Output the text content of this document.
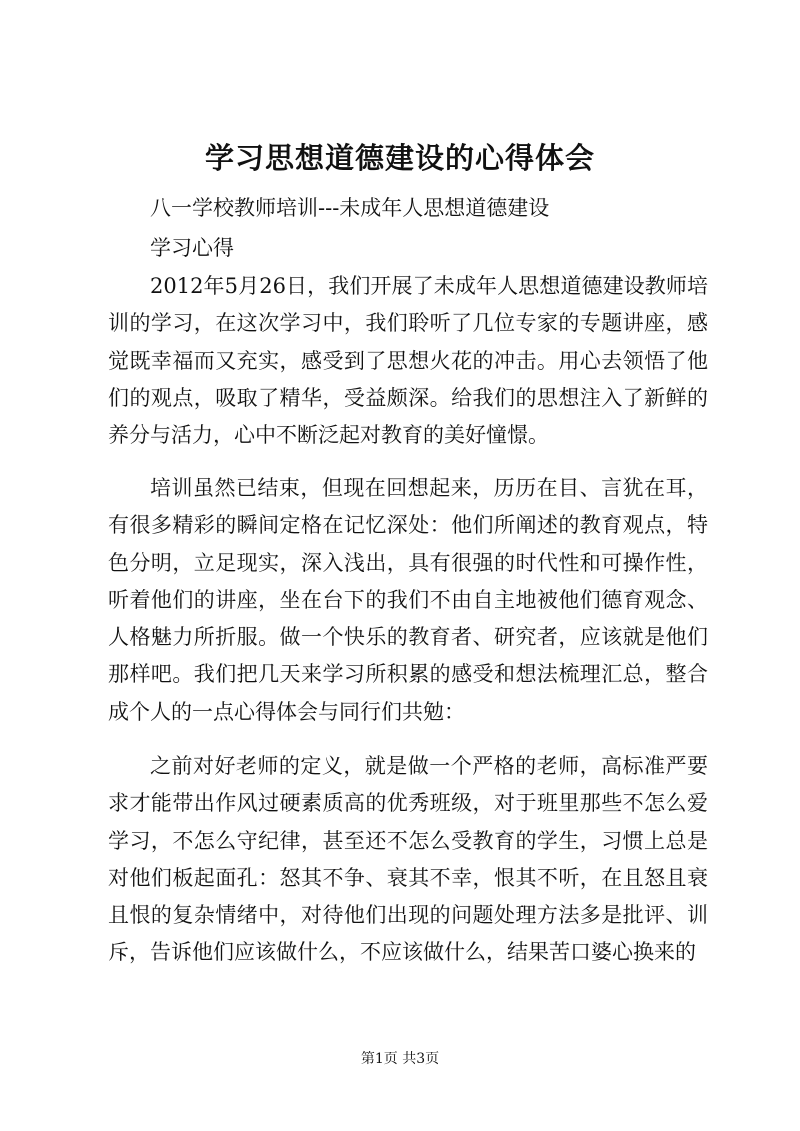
学习思想道德建设的心得体会
八一学校教师培训---未成年人思想道德建设
学习心得

2012年5月26日，我们开展了未成年人思想道德建设教师培训的学习，在这次学习中，我们聆听了几位专家的专题讲座，感觉既幸福而又充实，感受到了思想火花的冲击。用心去领悟了他们的观点，吸取了精华，受益颇深。给我们的思想注入了新鲜的养分与活力，心中不断泛起对教育的美好憧憬。

培训虽然已结束，但现在回想起来，历历在目、言犹在耳，有很多精彩的瞬间定格在记忆深处：他们所阐述的教育观点，特色分明，立足现实，深入浅出，具有很强的时代性和可操作性，听着他们的讲座，坐在台下的我们不由自主地被他们德育观念、人格魅力所折服。做一个快乐的教育者、研究者，应该就是他们那样吧。我们把几天来学习所积累的感受和想法梳理汇总，整合成个人的一点心得体会与同行们共勉：

之前对好老师的定义，就是做一个严格的老师，高标准严要求才能带出作风过硬素质高的优秀班级，对于班里那些不怎么爱学习，不怎么守纪律，甚至还不怎么受教育的学生，习惯上总是对他们板起面孔：怒其不争、衰其不幸，恨其不听，在且怒且衰且恨的复杂情绪中，对待他们出现的问题处理方法多是批评、训斥，告诉他们应该做什么，不应该做什么，结果苦口婆心换来的

第1页 共3页
